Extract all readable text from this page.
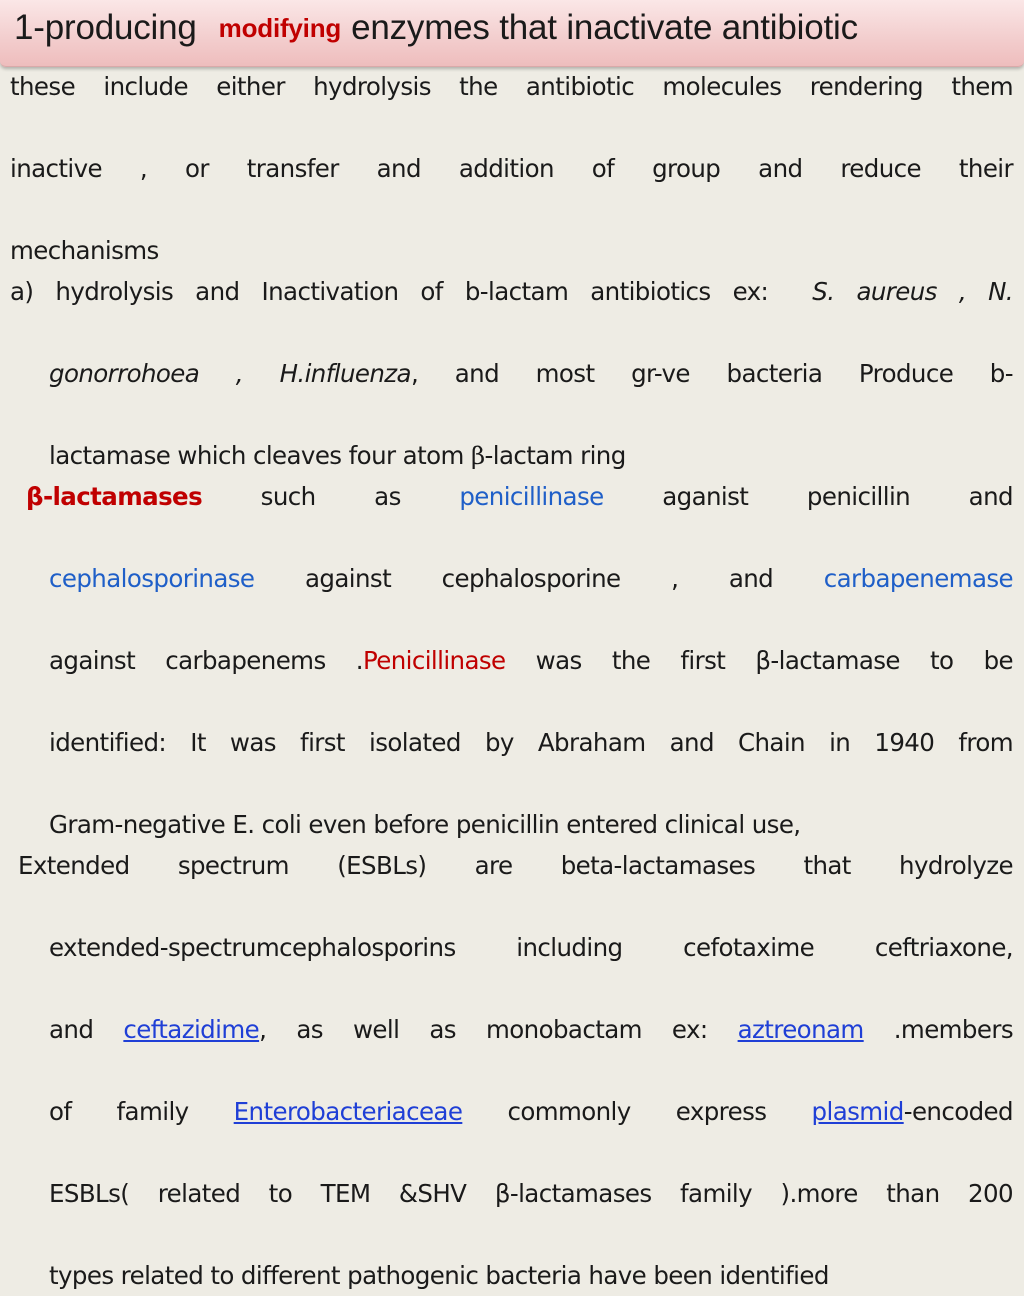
1-producing modifying enzymes that inactivate antibiotic
these include either hydrolysis the antibiotic molecules rendering them
inactive , or transfer and addition of group and reduce their
mechanisms
a) hydrolysis and Inactivation of b-lactam antibiotics ex: S. aureus , N.
gonorrohoea , H.influenza, and most gr-ve bacteria Produce b-
lactamase which cleaves four atom β-lactam ring
β-lactamases such as penicillinase aganist penicillin and
cephalosporinase against cephalosporine , and carbapenemase
against carbapenems .Penicillinase was the first β-lactamase to be
identified: It was first isolated by Abraham and Chain in 1940 from
Gram-negative E. coli even before penicillin entered clinical use,
Extended spectrum (ESBLs) are beta-lactamases that hydrolyze
extended-spectrumcephalosporins including cefotaxime ceftriaxone,
and ceftazidime, as well as monobactam ex: aztreonam .members
of family Enterobacteriaceae commonly express plasmid-encoded
ESBLs( related to TEM &SHV β-lactamases family ).more than 200
types related to different pathogenic bacteria have been identified
